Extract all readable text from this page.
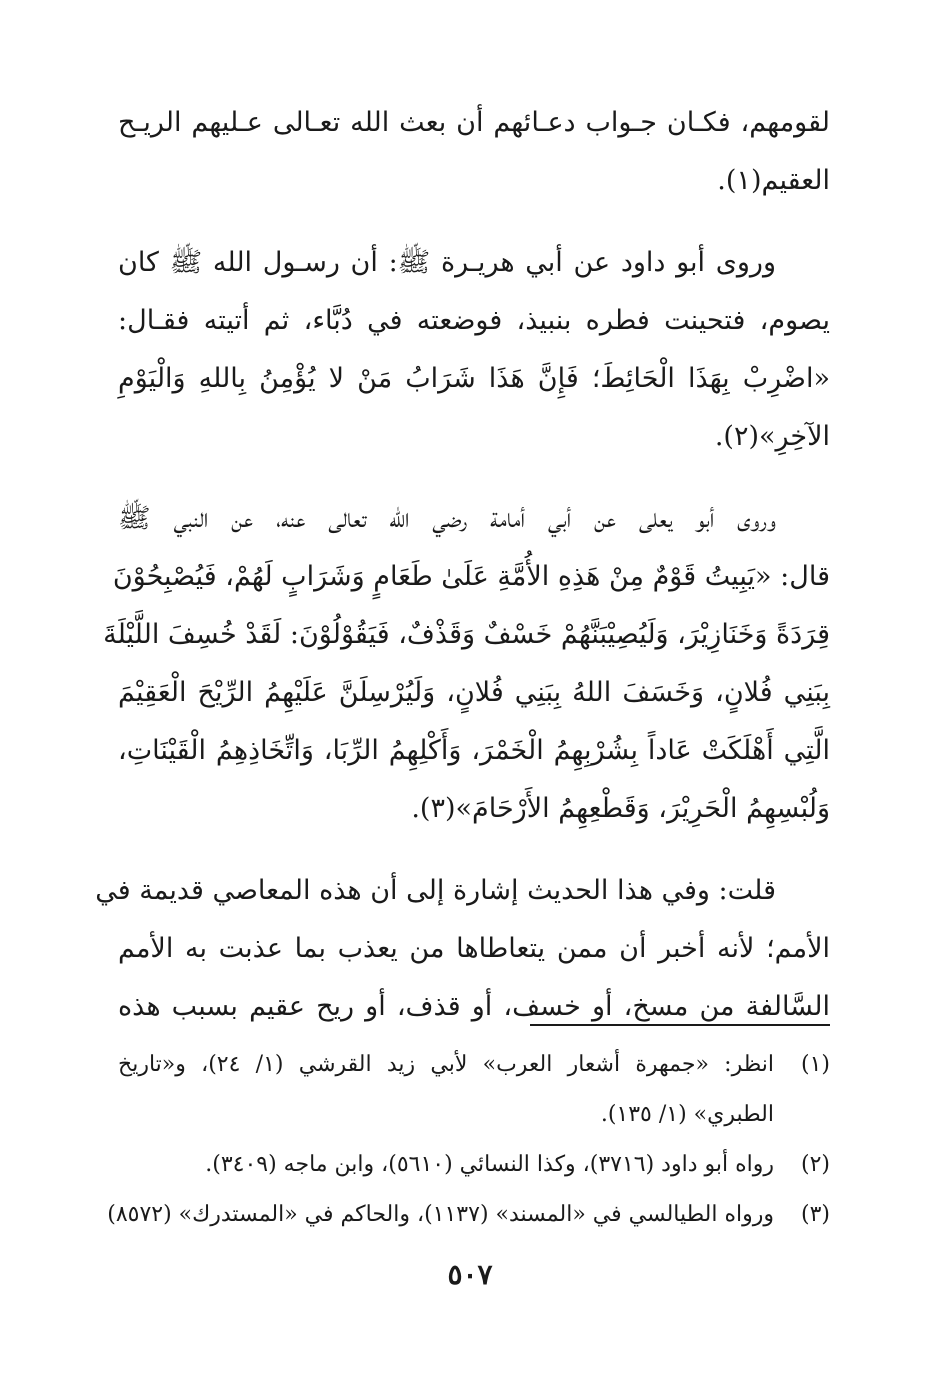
لقومهم، فكـان جـواب دعـائهم أن بعث الله تعـالى عـليهم الريـح
العقيم(١).
وروى أبو داود عن أبي هريـرة ﷺ: أن رسـول الله ﷺ كان
يصوم، فتحينت فطره بنبيذ، فوضعته في دُبَّاء، ثم أتيته فقـال:
«اضْرِبْ بِهَذَا الْحَائِطَ؛ فَإِنَّ هَذَا شَرَابُ مَنْ لا يُؤْمِنُ بِاللهِ وَالْيَوْمِ
الآخِرِ»(٢).
وروى أبو يعلى عن أبي أمامة رضي الله تعالى عنه، عن النبي ﷺ
قال: «يَبِيتُ قَوْمٌ مِنْ هَذِهِ الأُمَّةِ عَلَىٰ طَعَامٍ وَشَرَابٍ لَهُمْ، فَيُصْبِحُوْنَ
قِرَدَةً وَخَنَازِيْرَ، وَلَيُصِيْبَنَّهُمْ خَسْفٌ وَقَذْفٌ، فَيَقُوْلُوْنَ: لَقَدْ خُسِفَ اللَّيْلَةَ
بِبَنِي فُلانٍ، وَخَسَفَ اللهُ بِبَنِي فُلانٍ، وَلَيُرْسِلَنَّ عَلَيْهِمُ الرِّيْحَ الْعَقِيْمَ
الَّتِي أَهْلَكَتْ عَاداً بِشُرْبِهِمُ الْخَمْرَ، وَأَكْلِهِمُ الرِّبَا، وَاتِّخَاذِهِمُ الْقَيْنَاتِ،
وَلُبْسِهِمُ الْحَرِيْرَ، وَقَطْعِهِمُ الأَرْحَامَ»(٣).
قلت: وفي هذا الحديث إشارة إلى أن هذه المعاصي قديمة في
الأمم؛ لأنه أخبر أن ممن يتعاطاها من يعذب بما عذبت به الأمم
السَّالفة من مسخ، أو خسف، أو قذف، أو ريح عقيم بسبب هذه
(١)انظر: «جمهرة أشعار العرب» لأبي زيد القرشي (١/ ٢٤)، و«تاريخ
الطبري» (١/ ١٣٥).
(٢)رواه أبو داود (٣٧١٦)، وكذا النسائي (٥٦١٠)، وابن ماجه (٣٤٠٩).
(٣)ورواه الطيالسي في «المسند» (١١٣٧)، والحاكم في «المستدرك» (٨٥٧٢)
٥٠٧
